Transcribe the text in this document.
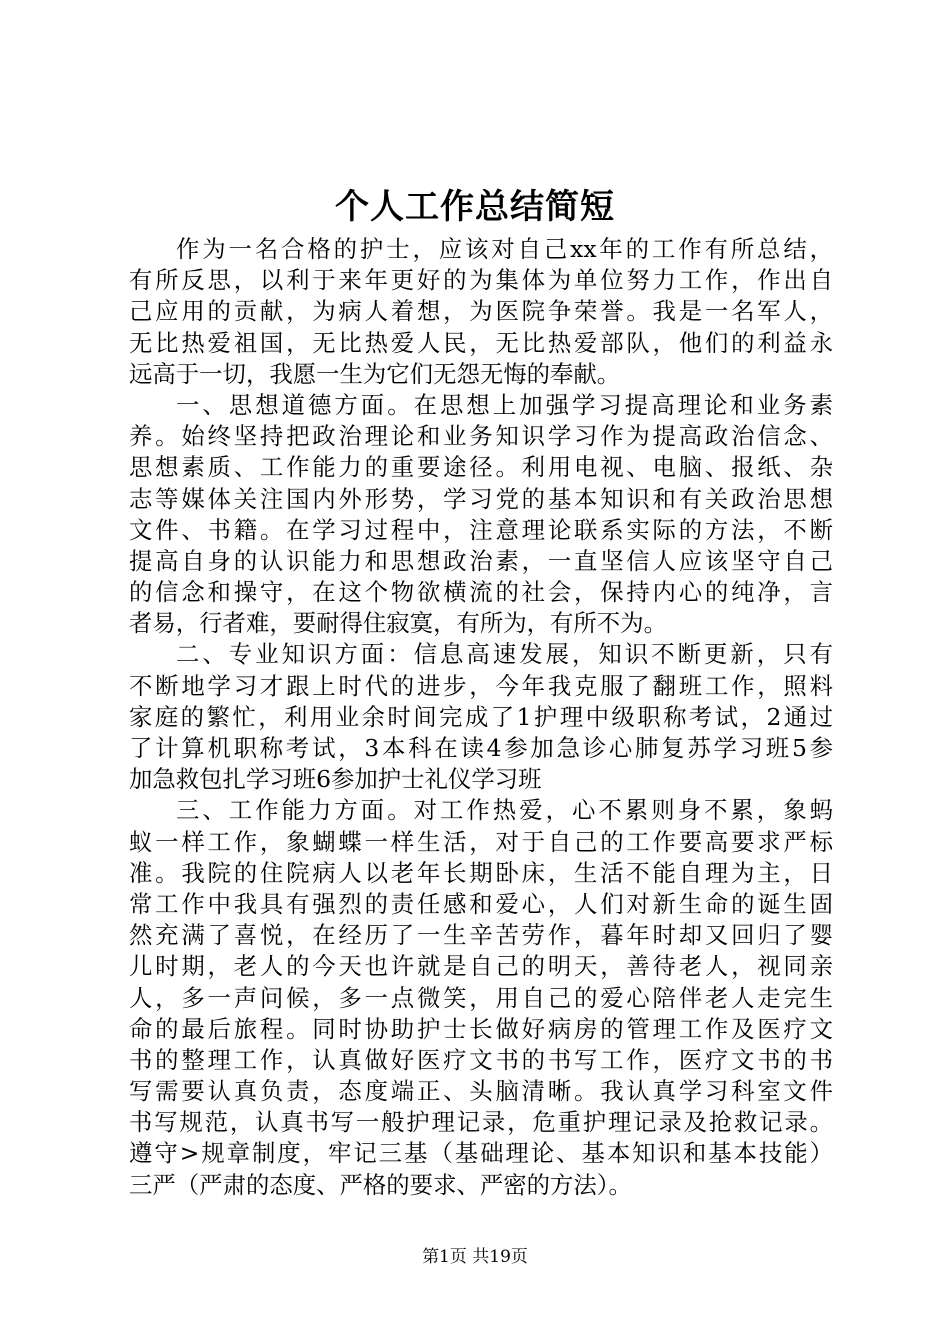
个人工作总结简短
作为一名合格的护士，应该对自己xx年的工作有所总结，
有所反思，以利于来年更好的为集体为单位努力工作，作出自
己应用的贡献，为病人着想，为医院争荣誉。我是一名军人，
无比热爱祖国，无比热爱人民，无比热爱部队，他们的利益永
远高于一切，我愿一生为它们无怨无悔的奉献。
一、思想道德方面。在思想上加强学习提高理论和业务素
养。始终坚持把政治理论和业务知识学习作为提高政治信念、
思想素质、工作能力的重要途径。利用电视、电脑、报纸、杂
志等媒体关注国内外形势，学习党的基本知识和有关政治思想
文件、书籍。在学习过程中，注意理论联系实际的方法，不断
提高自身的认识能力和思想政治素，一直坚信人应该坚守自己
的信念和操守，在这个物欲横流的社会，保持内心的纯净，言
者易，行者难，要耐得住寂寞，有所为，有所不为。
二、专业知识方面：信息高速发展，知识不断更新，只有
不断地学习才跟上时代的进步，今年我克服了翻班工作，照料
家庭的繁忙，利用业余时间完成了1护理中级职称考试，2通过
了计算机职称考试，3本科在读4参加急诊心肺复苏学习班5参
加急救包扎学习班6参加护士礼仪学习班
三、工作能力方面。对工作热爱，心不累则身不累，象蚂
蚁一样工作，象蝴蝶一样生活，对于自己的工作要高要求严标
准。我院的住院病人以老年长期卧床，生活不能自理为主，日
常工作中我具有强烈的责任感和爱心，人们对新生命的诞生固
然充满了喜悦，在经历了一生辛苦劳作，暮年时却又回归了婴
儿时期，老人的今天也许就是自己的明天，善待老人，视同亲
人，多一声问候，多一点微笑，用自己的爱心陪伴老人走完生
命的最后旅程。同时协助护士长做好病房的管理工作及医疗文
书的整理工作，认真做好医疗文书的书写工作，医疗文书的书
写需要认真负责，态度端正、头脑清晰。我认真学习科室文件
书写规范，认真书写一般护理记录，危重护理记录及抢救记录。
遵守>规章制度，牢记三基（基础理论、基本知识和基本技能）
三严（严肃的态度、严格的要求、严密的方法）。
第1页 共19页
